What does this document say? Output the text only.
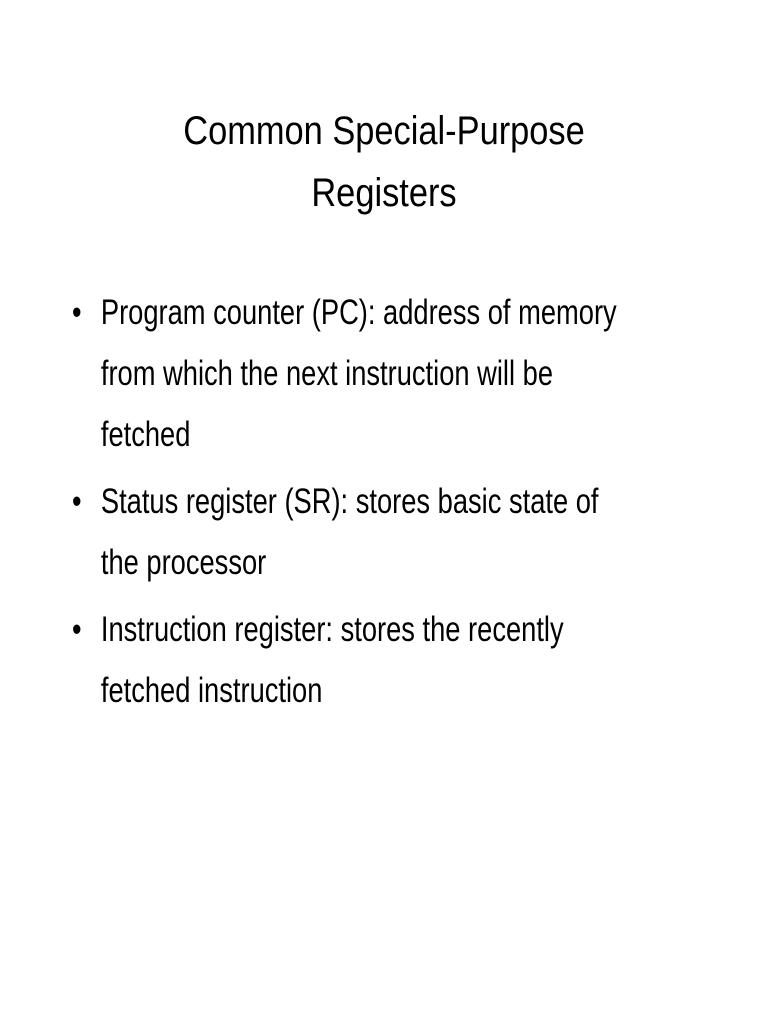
Common Special-Purpose
Registers
• Program counter (PC): address of memory
from which the next instruction will be
fetched
• Status register (SR): stores basic state of
the processor
• Instruction register: stores the recently
fetched instruction
